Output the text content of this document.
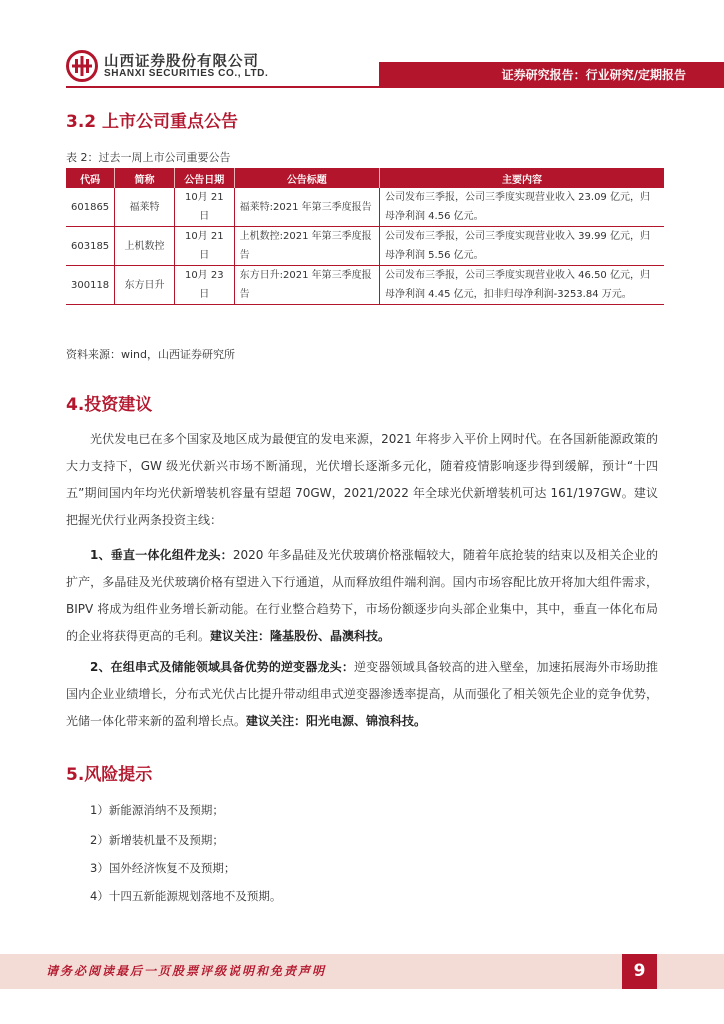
山西证券股份有限公司
SHANXI SECURITIES CO., LTD.	证券研究报告：行业研究/定期报告
3.2 上市公司重点公告
表 2：过去一周上市公司重要公告
代码	简称	公告日期	公告标题	主要内容
601865	福莱特	10月 21 日	福莱特:2021 年第三季度报告	公司发布三季报，公司三季度实现营业收入 23.09 亿元，归母净利润 4.56 亿元。
603185	上机数控	10月 21 日	上机数控:2021 年第三季度报告	公司发布三季报，公司三季度实现营业收入 39.99 亿元，归母净利润 5.56 亿元。
300118	东方日升	10月 23 日	东方日升:2021 年第三季度报告	公司发布三季报，公司三季度实现营业收入 46.50 亿元，归母净利润 4.45 亿元，扣非归母净利润-3253.84 万元。
资料来源：wind，山西证券研究所
4.投资建议

光伏发电已在多个国家及地区成为最便宜的发电来源，2021 年将步入平价上网时代。在各国新能源政策的大力支持下，GW 级光伏新兴市场不断涌现，光伏增长逐渐多元化，随着疫情影响逐步得到缓解，预计“十四五”期间国内年均光伏新增装机容量有望超 70GW，2021/2022 年全球光伏新增装机可达 161/197GW。建议把握光伏行业两条投资主线：

1、垂直一体化组件龙头：2020 年多晶硅及光伏玻璃价格涨幅较大，随着年底抢装的结束以及相关企业的扩产，多晶硅及光伏玻璃价格有望进入下行通道，从而释放组件端利润。国内市场容配比放开将加大组件需求，BIPV 将成为组件业务增长新动能。在行业整合趋势下，市场份额逐步向头部企业集中，其中，垂直一体化布局的企业将获得更高的毛利。建议关注：隆基股份、晶澳科技。

2、在组串式及储能领域具备优势的逆变器龙头：逆变器领域具备较高的进入壁垒，加速拓展海外市场助推国内企业业绩增长，分布式光伏占比提升带动组串式逆变器渗透率提高，从而强化了相关领先企业的竞争优势，光储一体化带来新的盈利增长点。建议关注：阳光电源、锦浪科技。

5.风险提示
1）新能源消纳不及预期；
2）新增装机量不及预期；
3）国外经济恢复不及预期；
4）十四五新能源规划落地不及预期。
请务必阅读最后一页股票评级说明和免责声明	9
